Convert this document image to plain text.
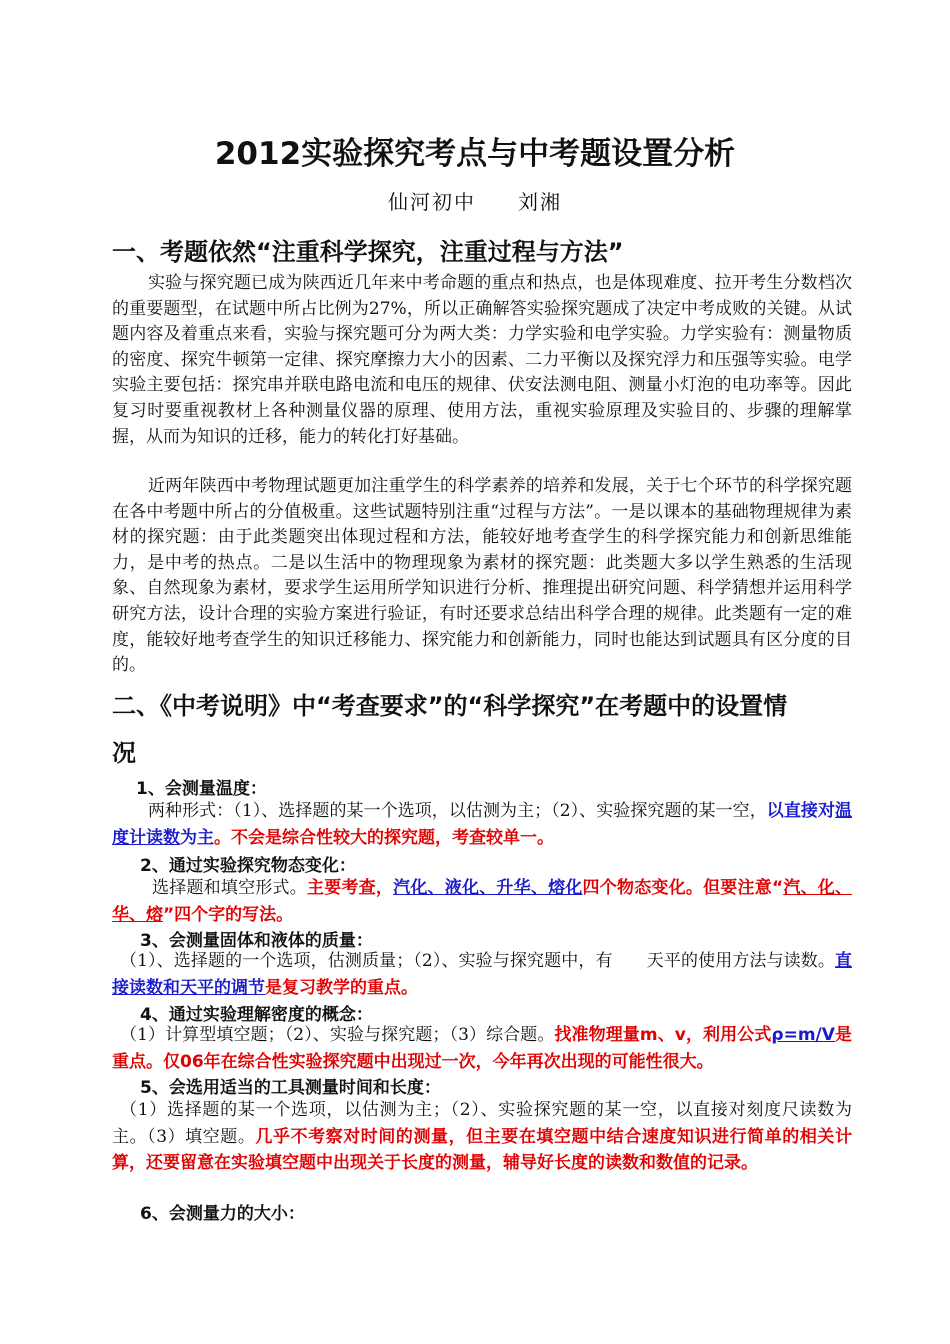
2012实验探究考点与中考题设置分析

仙河初中 刘湘

一、考题依然“注重科学探究，注重过程与方法”

实验与探究题已成为陕西近几年来中考命题的重点和热点，也是体现难度、拉开考生分数档次的重要题型，在试题中所占比例为27%，所以正确解答实验探究题成了决定中考成败的关键。从试题内容及着重点来看，实验与探究题可分为两大类：力学实验和电学实验。力学实验有：测量物质的密度、探究牛顿第一定律、探究摩擦力大小的因素、二力平衡以及探究浮力和压强等实验。电学实验主要包括：探究串并联电路电流和电压的规律、伏安法测电阻、测量小灯泡的电功率等。因此复习时要重视教材上各种测量仪器的原理、使用方法，重视实验原理及实验目的、步骤的理解掌握，从而为知识的迁移，能力的转化打好基础。

近两年陕西中考物理试题更加注重学生的科学素养的培养和发展，关于七个环节的科学探究题在各中考题中所占的分值极重。这些试题特别注重“过程与方法”。一是以课本的基础物理规律为素材的探究题：由于此类题突出体现过程和方法，能较好地考查学生的科学探究能力和创新思维能力，是中考的热点。二是以生活中的物理现象为素材的探究题：此类题大多以学生熟悉的生活现象、自然现象为素材，要求学生运用所学知识进行分析、推理提出研究问题、科学猜想并运用科学研究方法，设计合理的实验方案进行验证，有时还要求总结出科学合理的规律。此类题有一定的难度，能较好地考查学生的知识迁移能力、探究能力和创新能力，同时也能达到试题具有区分度的目的。

二、《中考说明》中“考查要求”的“科学探究”在考题中的设置情
况

1、会测量温度：

两种形式：（1）、选择题的某一个选项，以估测为主；（2）、实验探究题的某一空，以直接对温度计读数为主。不会是综合性较大的探究题，考查较单一。

2、通过实验探究物态变化：

选择题和填空形式。主要考查，汽化、液化、升华、熔化四个物态变化。但要注意“汽、化、华、熔”四个字的写法。

3、会测量固体和液体的质量：

（1）、选择题的一个选项，估测质量；（2）、实验与探究题中，有　　天平的使用方法与读数。直接读数和天平的调节是复习教学的重点。

4、通过实验理解密度的概念：

（1）计算型填空题；（2）、实验与探究题；（3）综合题。找准物理量m、v，利用公式ρ=m/V是重点。仅06年在综合性实验探究题中出现过一次，今年再次出现的可能性很大。

5、会选用适当的工具测量时间和长度：

（1）选择题的某一个选项，以估测为主；（2）、实验探究题的某一空，以直接对刻度尺读数为主。（3）填空题。几乎不考察对时间的测量，但主要在填空题中结合速度知识进行简单的相关计算，还要留意在实验填空题中出现关于长度的测量，辅导好长度的读数和数值的记录。

6、会测量力的大小：
